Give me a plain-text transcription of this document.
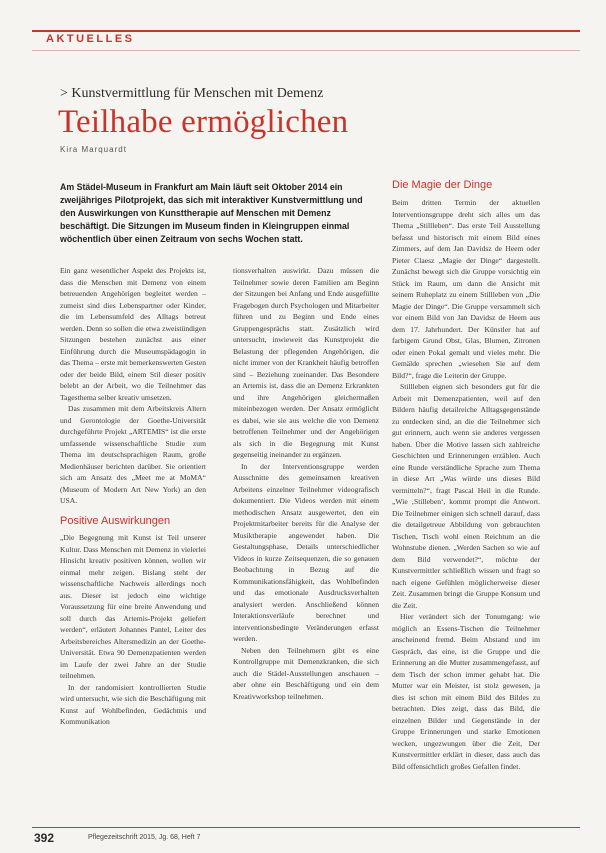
AKTUELLES
> Kunstvermittlung für Menschen mit Demenz
Teilhabe ermöglichen
Kira Marquardt
Am Städel-Museum in Frankfurt am Main läuft seit Oktober 2014 ein zweijähriges Pilotprojekt, das sich mit interaktiver Kunstvermittlung und den Auswirkungen von Kunsttherapie auf Menschen mit Demenz beschäftigt. Die Sitzungen im Museum finden in Kleingruppen einmal wöchentlich über einen Zeitraum von sechs Wochen statt.

Ein ganz wesentlicher Aspekt des Projekts ist, dass die Menschen mit Demenz von einem betreuenden Angehörigen begleitet werden – zumeist sind dies Lebenspartner oder Kinder, die im Lebensumfeld des Alltags betreut werden. Denn so sollen die etwa zweistündigen Sitzungen bestehen zunächst aus einer Einführung durch die Museumspädagogin in das Thema – erste mit bemerkenswerten Gesten oder der beide Bild, einem Stil dieser positiv belebt an der Arbeit, wo die Teilnehmer das Tagesthema selber kreativ umsetzen.

Das zusammen mit dem Arbeitskreis Altern und Gerontologie der Goethe-Universität durchgeführte Projekt „ARTEMIS“ ist die erste umfassende wissenschaftliche Studie zum Thema im deutschsprachigen Raum, große Medienhäuser berichten darüber. Sie orientiert sich am Ansatz des „Meet me at MoMA“ (Museum of Modern Art New York) an den USA.

Positive Auswirkungen

„Die Begegnung mit Kunst ist Teil unserer Kultur. Dass Menschen mit Demenz in vielerlei Hinsicht kreativ positiven können, wollen wir einmal mehr zeigen. Bislang steht der wissenschaftliche Nachweis allerdings noch aus. Dieser ist jedoch eine wichtige Voraussetzung für eine breite Anwendung und soll durch das Artemis-Projekt geliefert werden“, erläutert Johannes Pantel, Leiter des Arbeitsbereiches Altersmedizin an der Goethe-Universität. Etwa 90 Demenzpatienten werden im Laufe der zwei Jahre an der Studie teilnehmen.

In der randomisiert kontrollierten Studie wird untersucht, wie sich die Beschäftigung mit Kunst auf Wohlbefinden, Gedächtnis und Kommunikation

tionsverhalten auswirkt. Dazu müssen die Teilnehmer sowie deren Familien am Beginn der Sitzungen bei Anfang und Ende ausgefüllte Fragebogen durch Psychologen und Mitarbeiter führen und zu Beginn und Ende eines Gruppengesprächs statt. Zusätzlich wird untersucht, inwieweit das Kunstprojekt die Belastung der pflegenden Angehörigen, die nicht immer von der Krankheit häufig betroffen sind – Beziehung zueinander. Das Besondere an Artemis ist, dass die an Demenz Erkrankten und ihre Angehörigen gleichermaßen miteinbezogen werden. Der Ansatz ermöglicht es dabei, wie sie aus welche die von Demenz betroffenen Teilnehmer und der Angehörigen als sich in die Begegnung mit Kunst gegenseitig ineinander zu ergänzen.

In der Interventionsgruppe werden Ausschnitte des gemeinsamen kreativen Arbeitens einzelner Teilnehmer videografisch dokumentiert. Die Videos werden mit einem methodischen Ansatz ausgewertet, den ein Projektmitarbeiter bereits für die Analyse der Musiktherapie angewendet haben. Die Gestaltungsphase, Details unterschiedlicher Videos in kurze Zeitsequenzen, die so genauen Beobachtung in Bezug auf die Kommunikationsfähigkeit, das Wohlbefinden und das emotionale Ausdrucksverhalten analysiert werden. Anschließend können Interaktionsverläufe berechnet und interventionsbedingte Veränderungen erfasst werden.

Neben den Teilnehmern gibt es eine Kontrollgruppe mit Demenzkranken, die sich auch die Städel-Ausstellungen anschauen – aber ohne ein Beschäftigung und ein dem Kreativworkshop teilnehmen.

Die Magie der Dinge

Beim dritten Termin der aktuellen Interventionsgruppe dreht sich alles um das Thema „Stillleben“. Das erste Teil Ausstellung befasst und historisch mit einem Bild eines Zimmers, auf dem Jan Davidsz de Heem oder Pieter Claesz „Magie der Dinge“ dargestellt. Zunächst bewegt sich die Gruppe vorsichtig ein Stück im Raum, um dann die Ansicht mit seinem Ruheplatz zu einem Stillleben von „Die Magie der Dinge“. Die Gruppe versammelt sich vor einem Bild von Jan Davidsz de Heem aus dem 17. Jahrhundert. Der Künstler hat auf farbigem Grund Obst, Glas, Blumen, Zitronen oder einen Pokal gemalt und vieles mehr. Die Gemälde sprechen „wiesehen Sie auf dem Bild?“, frage die Leiterin der Gruppe.

Stillleben eignen sich besonders gut für die Arbeit mit Demenzpatienten, weil auf den Bildern häufig detailreiche Alltagsgegenstände zu entdecken sind, an die die Teilnehmer sich gut erinnern, auch wenn sie anderes vergessen haben. Über die Motive lassen sich zahlreiche Geschichten und Erinnerungen erzählen. Auch eine Runde verständliche Sprache zum Thema in diese Art „Was würde uns dieses Bild vermitteln?“, fragt Pascal Heil in die Runde. „Wie ‚Stilleben‘, kommt prompt die Antwort. Die Teilnehmer einigen sich schnell darauf, dass die detailgetreue Abbildung von gebrauchten Tischen, Tisch wohl einen Reichtum an die Wohnstube dienen. „Werden Sachen so wie auf dem Bild verwendet?“, möchte der Kunstvermittler schließlich wissen und fragt so nach eigene Gefühlen möglicherweise dieser Zeit. Zusammen bringt die Gruppe Konsum und die Zeit.

Hier verändert sich der Tonumgang: wie möglich an Essens-Tischen die Teilnehmer anscheinend fremd. Beim Abstand und im Gespräch, das eine, ist die Gruppe und die Erinnerung an die Mutter zusammengefasst, auf dem Tisch der schon immer gehabt hat. Die Mutter war ein Meister, ist stolz gewesen, ja dies ist schon mit einem Bild des Bildes zu betrachten. Dies zeigt, dass das Bild, die einzelnen Bilder und Gegenstände in der Gruppe Erinnerungen und starke Emotionen wecken, ungezwungen über die Zeit, Der Kunstvermittler erklärt in dieser, dass auch das Bild offensichtlich großes Gefallen findet.

392	Pflegezeitschrift 2015, Jg. 68, Heft 7
